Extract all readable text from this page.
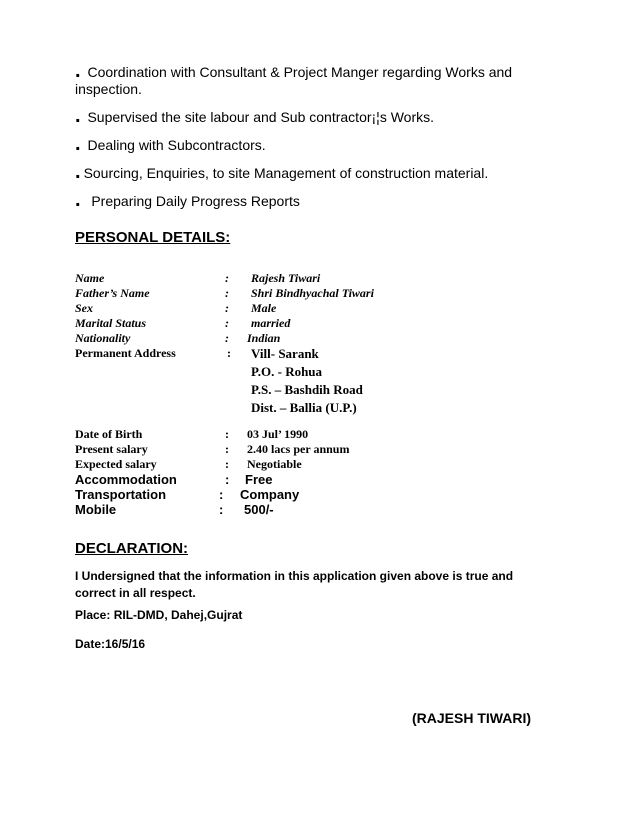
. Coordination with Consultant & Project Manger regarding Works and inspection.
. Supervised the site labour and Sub contractor¡¦s Works.
. Dealing with Subcontractors.
. Sourcing, Enquiries, to site Management of construction material.
. Preparing Daily Progress Reports
PERSONAL DETAILS:
Name	: Rajesh Tiwari
Father’s Name	: Shri Bindhyachal Tiwari
Sex	: Male
Marital Status	: married
Nationality	: Indian
Permanent Address	: Vill- Sarank
P.O. - Rohua
P.S. – Bashdih Road
Dist. – Ballia (U.P.)
Date of Birth	: 03 Jul’ 1990
Present salary	: 2.40 lacs per annum
Expected salary	: Negotiable
Accommodation	: Free
Transportation	: Company
Mobile	: 500/-
DECLARATION:
I Undersigned that the information in this application given above is true and correct in all respect.
Place: RIL-DMD, Dahej,Gujrat
Date:16/5/16
(RAJESH TIWARI)
